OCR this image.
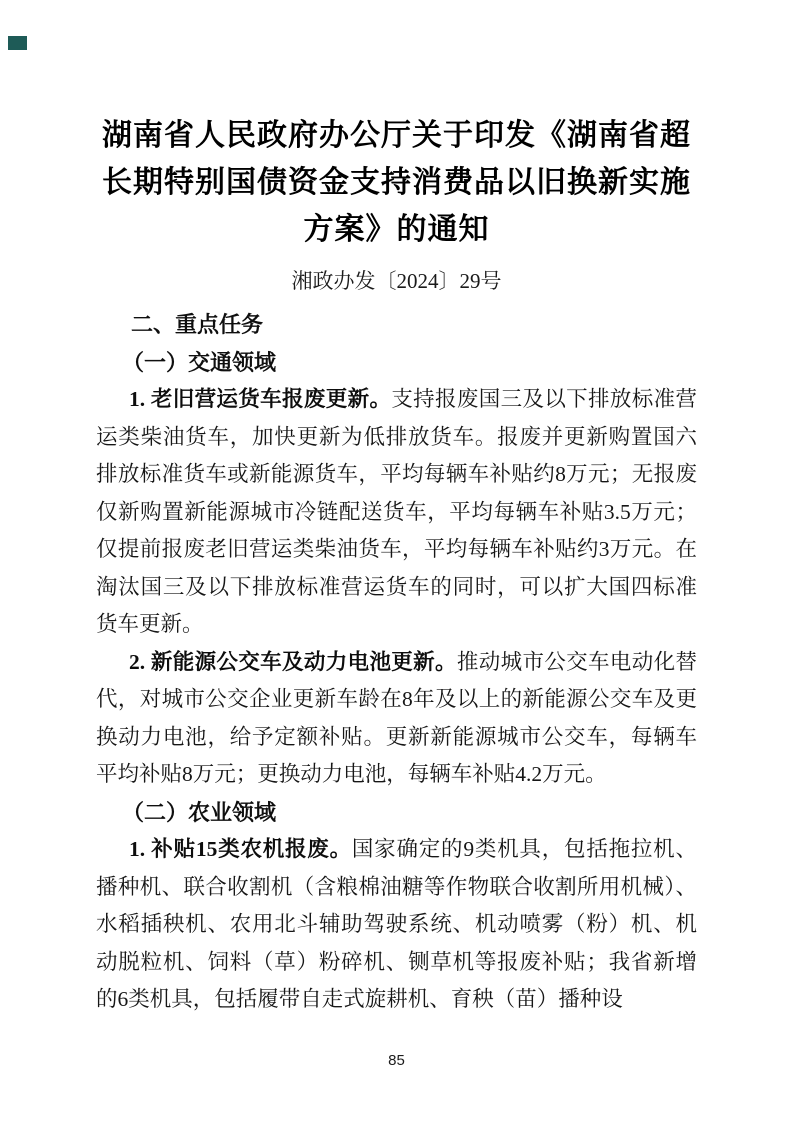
湖南省人民政府办公厅关于印发《湖南省超长期特别国债资金支持消费品以旧换新实施方案》的通知
湘政办发〔2024〕29号
二、重点任务
（一）交通领域

1. 老旧营运货车报废更新。支持报废国三及以下排放标准营运类柴油货车，加快更新为低排放货车。报废并更新购置国六排放标准货车或新能源货车，平均每辆车补贴约8万元；无报废仅新购置新能源城市冷链配送货车，平均每辆车补贴3.5万元；仅提前报废老旧营运类柴油货车，平均每辆车补贴约3万元。在淘汰国三及以下排放标准营运货车的同时，可以扩大国四标准货车更新。

2. 新能源公交车及动力电池更新。推动城市公交车电动化替代，对城市公交企业更新车龄在8年及以上的新能源公交车及更换动力电池，给予定额补贴。更新新能源城市公交车，每辆车平均补贴8万元；更换动力电池，每辆车补贴4.2万元。

（二）农业领域

1. 补贴15类农机报废。国家确定的9类机具，包括拖拉机、播种机、联合收割机（含粮棉油糖等作物联合收割所用机械）、水稻插秧机、农用北斗辅助驾驶系统、机动喷雾（粉）机、机动脱粒机、饲料（草）粉碎机、铡草机等报废补贴；我省新增的6类机具，包括履带自走式旋耕机、育秧（苗）播种设

85
